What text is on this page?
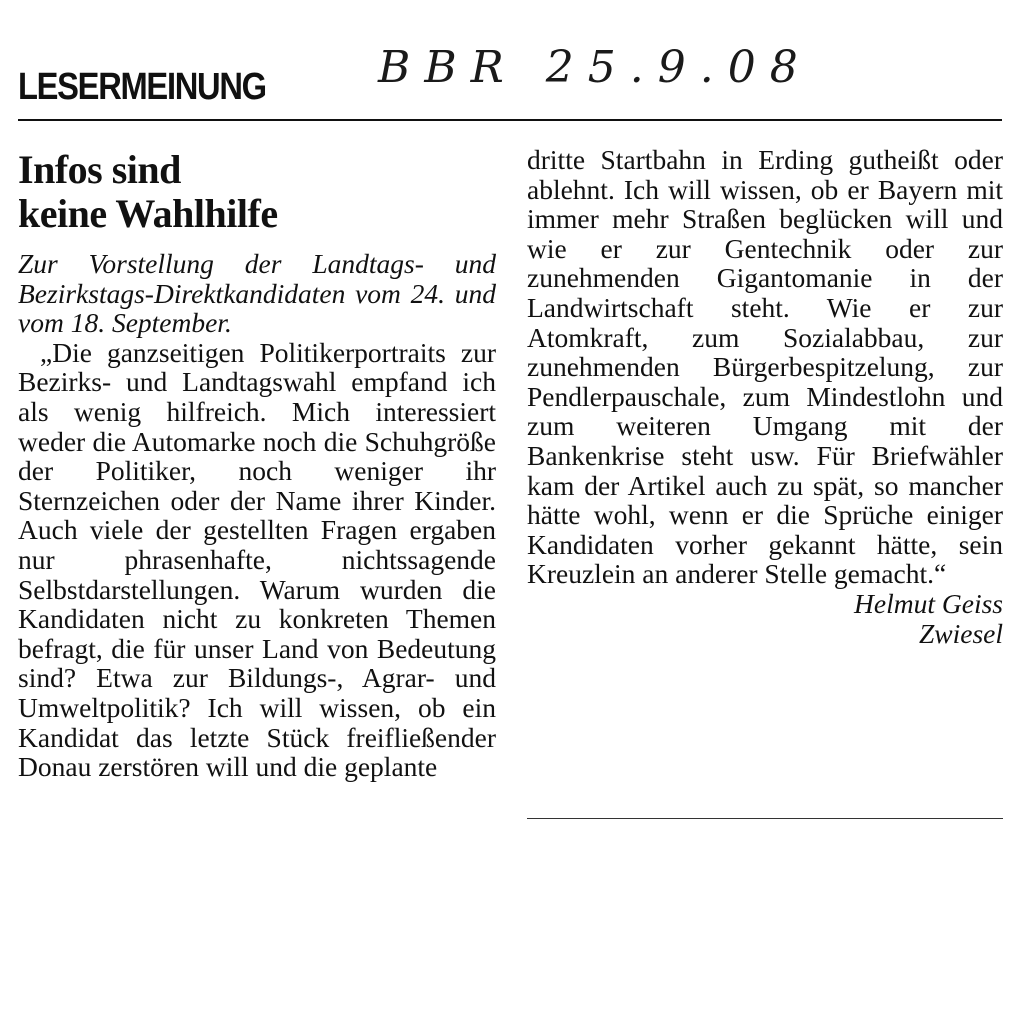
LESERMEINUNG	BBR 25.9.08
Infos sind
keine Wahlhilfe

Zur Vorstellung der Landtags- und Bezirkstags-Direktkandidaten vom 24. und vom 18. September.

„Die ganzseitigen Politikerportraits zur Bezirks- und Landtagswahl empfand ich als wenig hilfreich. Mich interessiert weder die Automarke noch die Schuhgröße der Politiker, noch weniger ihr Sternzeichen oder der Name ihrer Kinder. Auch viele der gestellten Fragen ergaben nur phrasenhafte, nichtssagende Selbstdarstellungen. Warum wurden die Kandidaten nicht zu konkreten Themen befragt, die für unser Land von Bedeutung sind? Etwa zur Bildungs-, Agrar- und Umweltpolitik? Ich will wissen, ob ein Kandidat das letzte Stück freifließender Donau zerstören will und die geplante

dritte Startbahn in Erding gutheißt oder ablehnt. Ich will wissen, ob er Bayern mit immer mehr Straßen beglücken will und wie er zur Gentechnik oder zur zunehmenden Gigantomanie in der Landwirtschaft steht. Wie er zur Atomkraft, zum Sozialabbau, zur zunehmenden Bürgerbespitzelung, zur Pendlerpauschale, zum Mindestlohn und zum weiteren Umgang mit der Bankenkrise steht usw. Für Briefwähler kam der Artikel auch zu spät, so mancher hätte wohl, wenn er die Sprüche einiger Kandidaten vorher gekannt hätte, sein Kreuzlein an anderer Stelle gemacht.“

Helmut Geiss
Zwiesel
